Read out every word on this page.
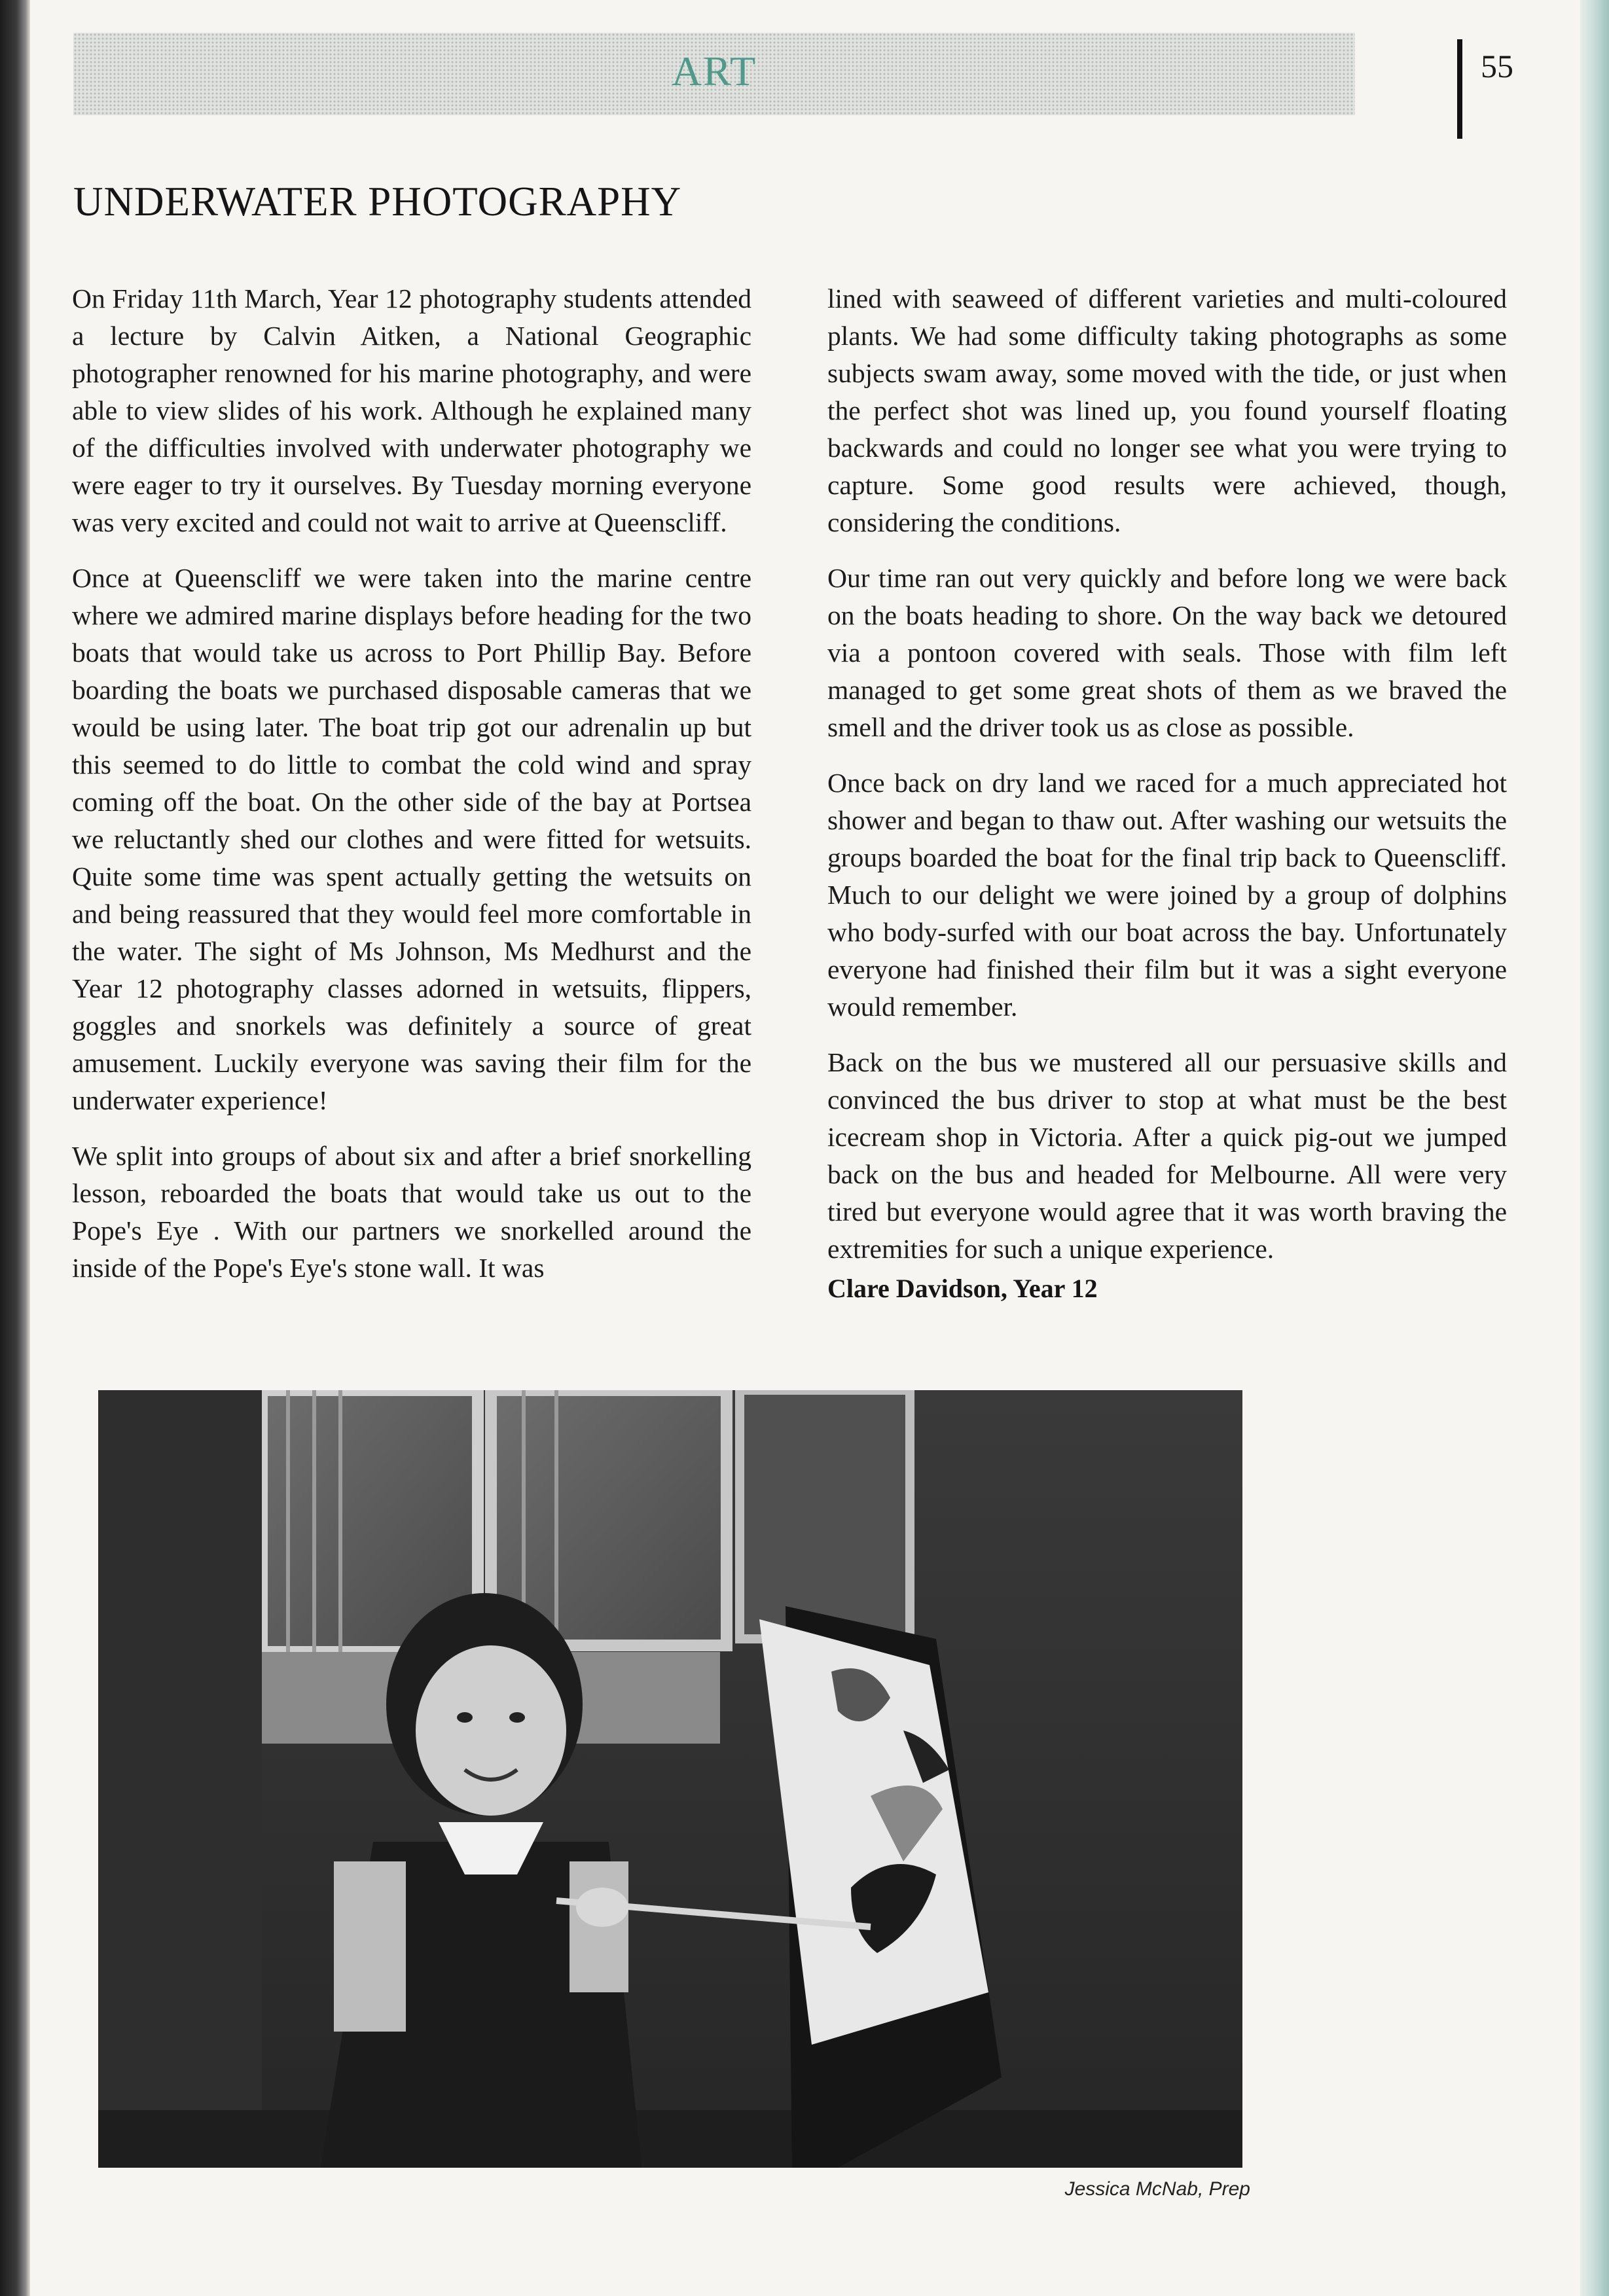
ART	55
UNDERWATER PHOTOGRAPHY

On Friday 11th March, Year 12 photography students attended a lecture by Calvin Aitken, a National Geographic photographer renowned for his marine photography, and were able to view slides of his work. Although he explained many of the difficulties involved with underwater photography we were eager to try it ourselves. By Tuesday morning everyone was very excited and could not wait to arrive at Queenscliff.

Once at Queenscliff we were taken into the marine centre where we admired marine displays before heading for the two boats that would take us across to Port Phillip Bay. Before boarding the boats we purchased disposable cameras that we would be using later. The boat trip got our adrenalin up but this seemed to do little to combat the cold wind and spray coming off the boat. On the other side of the bay at Portsea we reluctantly shed our clothes and were fitted for wetsuits. Quite some time was spent actually getting the wetsuits on and being reassured that they would feel more comfortable in the water. The sight of Ms Johnson, Ms Medhurst and the Year 12 photography classes adorned in wetsuits, flippers, goggles and snorkels was definitely a source of great amusement. Luckily everyone was saving their film for the underwater experience!

We split into groups of about six and after a brief snorkelling lesson, reboarded the boats that would take us out to the Pope's Eye . With our partners we snorkelled around the inside of the Pope's Eye's stone wall. It was

lined with seaweed of different varieties and multi-coloured plants. We had some difficulty taking photographs as some subjects swam away, some moved with the tide, or just when the perfect shot was lined up, you found yourself floating backwards and could no longer see what you were trying to capture. Some good results were achieved, though, considering the conditions.

Our time ran out very quickly and before long we were back on the boats heading to shore. On the way back we detoured via a pontoon covered with seals. Those with film left managed to get some great shots of them as we braved the smell and the driver took us as close as possible.

Once back on dry land we raced for a much appreciated hot shower and began to thaw out. After washing our wetsuits the groups boarded the boat for the final trip back to Queenscliff. Much to our delight we were joined by a group of dolphins who body-surfed with our boat across the bay. Unfortunately everyone had finished their film but it was a sight everyone would remember.

Back on the bus we mustered all our persuasive skills and convinced the bus driver to stop at what must be the best icecream shop in Victoria. After a quick pig-out we jumped back on the bus and headed for Melbourne. All were very tired but everyone would agree that it was worth braving the extremities for such a unique experience.

Clare Davidson, Year 12
Jessica McNab, Prep
